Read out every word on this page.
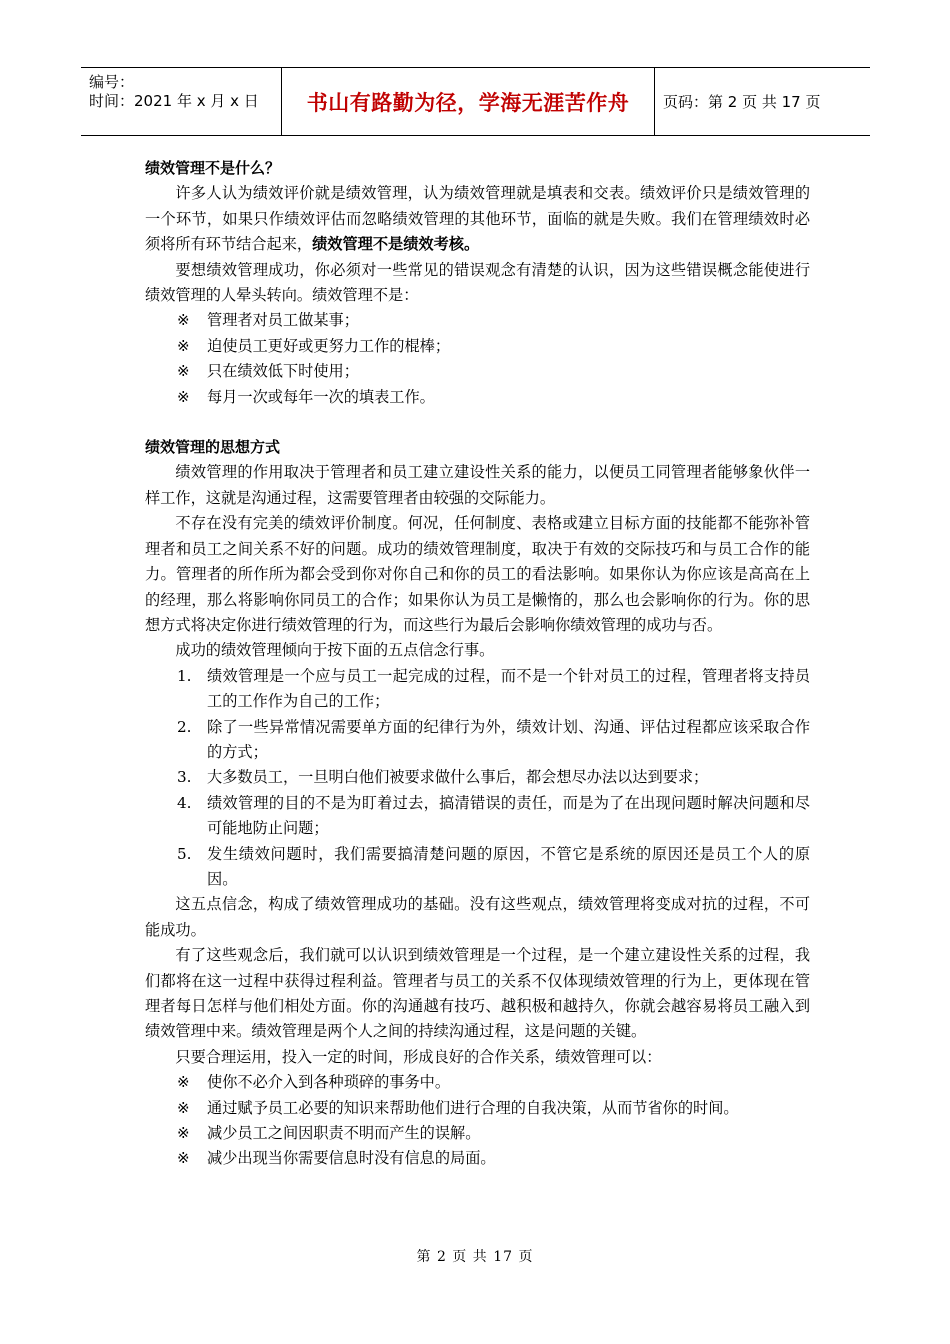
编号：
时间：2021 年 x 月 x 日	书山有路勤为径，学海无涯苦作舟	页码：第 2 页 共 17 页

绩效管理不是什么？

许多人认为绩效评价就是绩效管理，认为绩效管理就是填表和交表。绩效评价只是绩效管理的一个环节，如果只作绩效评估而忽略绩效管理的其他环节，面临的就是失败。我们在管理绩效时必须将所有环节结合起来，绩效管理不是绩效考核。

要想绩效管理成功，你必须对一些常见的错误观念有清楚的认识，因为这些错误概念能使进行绩效管理的人晕头转向。绩效管理不是：

※ 管理者对员工做某事；

※ 迫使员工更好或更努力工作的棍棒；

※ 只在绩效低下时使用；

※ 每月一次或每年一次的填表工作。

绩效管理的思想方式

绩效管理的作用取决于管理者和员工建立建设性关系的能力，以便员工同管理者能够象伙伴一样工作，这就是沟通过程，这需要管理者由较强的交际能力。

不存在没有完美的绩效评价制度。何况，任何制度、表格或建立目标方面的技能都不能弥补管理者和员工之间关系不好的问题。成功的绩效管理制度，取决于有效的交际技巧和与员工合作的能力。管理者的所作所为都会受到你对你自己和你的员工的看法影响。如果你认为你应该是高高在上的经理，那么将影响你同员工的合作；如果你认为员工是懒惰的，那么也会影响你的行为。你的思想方式将决定你进行绩效管理的行为，而这些行为最后会影响你绩效管理的成功与否。

成功的绩效管理倾向于按下面的五点信念行事。

1. 绩效管理是一个应与员工一起完成的过程，而不是一个针对员工的过程，管理者将支持员工的工作作为自己的工作；

2. 除了一些异常情况需要单方面的纪律行为外，绩效计划、沟通、评估过程都应该采取合作的方式；

3. 大多数员工，一旦明白他们被要求做什么事后，都会想尽办法以达到要求；

4. 绩效管理的目的不是为盯着过去，搞清错误的责任，而是为了在出现问题时解决问题和尽可能地防止问题；

5. 发生绩效问题时，我们需要搞清楚问题的原因，不管它是系统的原因还是员工个人的原因。

这五点信念，构成了绩效管理成功的基础。没有这些观点，绩效管理将变成对抗的过程，不可能成功。

有了这些观念后，我们就可以认识到绩效管理是一个过程，是一个建立建设性关系的过程，我们都将在这一过程中获得过程利益。管理者与员工的关系不仅体现绩效管理的行为上，更体现在管理者每日怎样与他们相处方面。你的沟通越有技巧、越积极和越持久，你就会越容易将员工融入到绩效管理中来。绩效管理是两个人之间的持续沟通过程，这是问题的关键。

只要合理运用，投入一定的时间，形成良好的合作关系，绩效管理可以：

※ 使你不必介入到各种琐碎的事务中。

※ 通过赋予员工必要的知识来帮助他们进行合理的自我决策，从而节省你的时间。

※ 减少员工之间因职责不明而产生的误解。

※ 减少出现当你需要信息时没有信息的局面。

第 2 页 共 17 页
